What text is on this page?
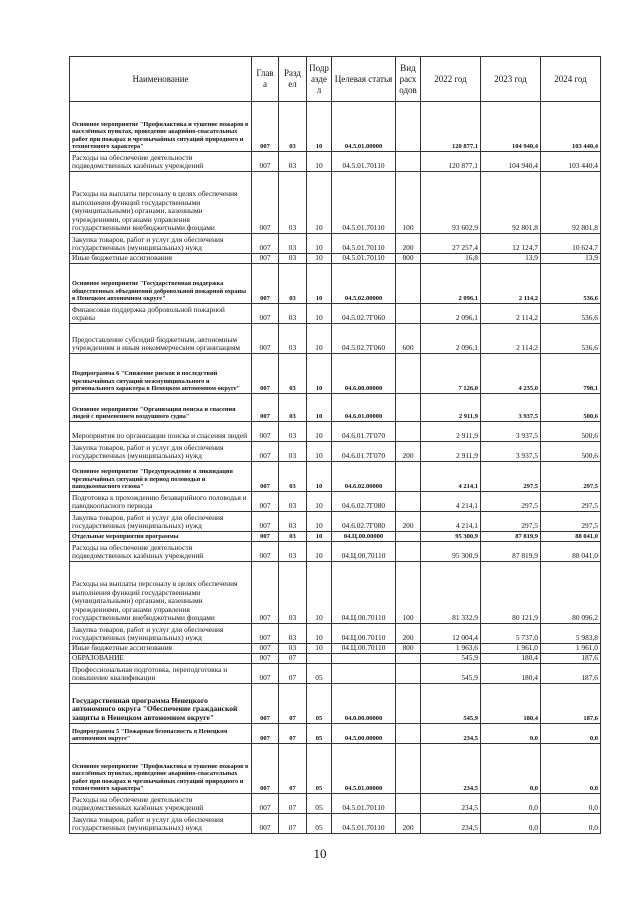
Наименование	Глав а	Разд ел	Подр азде л	Целевая статья	Вид расх одов	2022 год	2023 год	2024 год
Основное мероприятие "Профилактика и тушение пожаров в населённых пунктах, проведение аварийно-спасательных работ при пожарах и чрезвычайных ситуаций природного и техногенного характера"	007	03	10	04.5.01.00000		120 877,1	104 940,4	103 440,4
Расходы на обеспечение деятельности подведомственных казённых учреждений	007	03	10	04.5.01.70110		120 877,1	104 940,4	103 440,4
Расходы на выплаты персоналу в целях обеспечения выполнения функций государственными (муниципальными) органами, казенными учреждениями, органами управления государственными внебюджетными фондами	007	03	10	04.5.01.70110	100	93 602,9	92 801,8	92 801,8
Закупка товаров, работ и услуг для обеспечения государственных (муниципальных) нужд	007	03	10	04.5.01.70110	200	27 257,4	12 124,7	10 624,7
Иные бюджетные ассигнования	007	03	10	04.5.01.70110	800	16,8	13,9	13,9
Основное мероприятие "Государственная поддержка общественных объединений добровольной пожарной охраны в Ненецком автономном округе"	007	03	10	04.5.02.00000		2 096,1	2 114,2	536,6
Финансовая поддержка добровольной пожарной охраны	007	03	10	04.5.02.7Г060		2 096,1	2 114,2	536,6
Предоставление субсидий бюджетным, автономным учреждениям и иным некоммерческим организациям	007	03	10	04.5.02.7Г060	600	2 096,1	2 114,2	536,6
Подпрограмма 6 "Снижение рисков и последствий чрезвычайных ситуаций межмуниципального и регионального характера в Ненецком автономном округе"	007	03	10	04.6.00.00000		7 126,0	4 235,0	798,1
Основное мероприятие "Организация поиска и спасения людей с применением воздушного судна"	007	03	10	04.6.01.00000		2 911,9	3 937,5	500,6
Мероприятия по организации поиска и спасения людей	007	03	10	04.6.01.7Г070		2 911,9	3 937,5	500,6
Закупка товаров, работ и услуг для обеспечения государственных (муниципальных) нужд	007	03	10	04.6.01.7Г070	200	2 911,9	3 937,5	500,6
Основное мероприятие "Предупреждение и ликвидация чрезвычайных ситуаций в период половодья и паводкоопасного сезона"	007	03	10	04.6.02.00000		4 214,1	297,5	297,5
Подготовка к прохождению безаварийного половодья и паводкоопасного периода	007	03	10	04.6.02.7Г080		4 214,1	297,5	297,5
Закупка товаров, работ и услуг для обеспечения государственных (муниципальных) нужд	007	03	10	04.6.02.7Г080	200	4 214,1	297,5	297,5
Отдельные мероприятия программы	007	03	10	04.Ц.00.00000		95 300,9	87 819,9	88 041,0
Расходы на обеспечение деятельности подведомственных казённых учреждений	007	03	10	04.Ц.00.70110		95 300,9	87 819,9	88 041,0
Расходы на выплаты персоналу в целях обеспечения выполнения функций государственными (муниципальными) органами, казенными учреждениями, органами управления государственными внебюджетными фондами	007	03	10	04.Ц.00.70110	100	81 332,9	80 121,9	80 096,2
Закупка товаров, работ и услуг для обеспечения государственных (муниципальных) нужд	007	03	10	04.Ц.00.70110	200	12 004,4	5 737,0	5 983,8
Иные бюджетные ассигнования	007	03	10	04.Ц.00.70110	800	1 963,6	1 961,0	1 961,0
ОБРАЗОВАНИЕ	007	07				545,9	180,4	187,6
Профессиональная подготовка, переподготовка и повышение квалификации	007	07	05			545,9	180,4	187,6
Государственная программа Ненецкого автономного округа "Обеспечение гражданской защиты в Ненецком автономном округе"	007	07	05	04.0.00.00000		545,9	180,4	187,6
Подпрограмма 5 "Пожарная безопасность в Ненецком автономном округе"	007	07	05	04.5.00.00000		234,5	0,0	0,0
Основное мероприятие "Профилактика и тушение пожаров в населённых пунктах, проведение аварийно-спасательных работ при пожарах и чрезвычайных ситуаций природного и техногенного характера"	007	07	05	04.5.01.00000		234,5	0,0	0,0
Расходы на обеспечение деятельности подведомственных казённых учреждений	007	07	05	04.5.01.70110		234,5	0,0	0,0
Закупка товаров, работ и услуг для обеспечения государственных (муниципальных) нужд	007	07	05	04.5.01.70110	200	234,5	0,0	0,0
10
